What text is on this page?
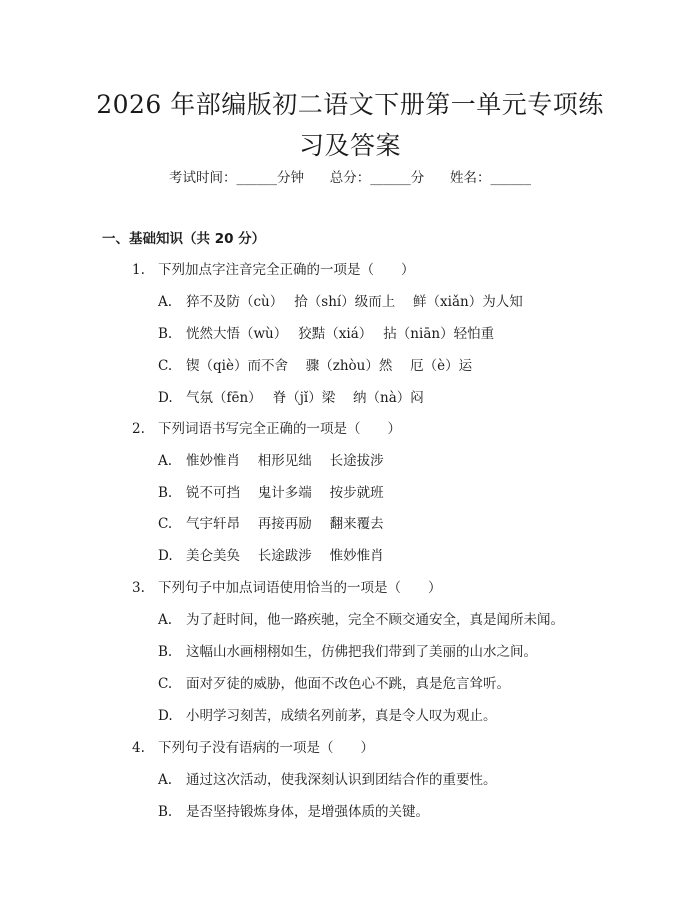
2026 年部编版初二语文下册第一单元专项练
习及答案
考试时间：______分钟      总分：______分      姓名：______
一、基础知识（共 20 分）
1. 下列加点字注音完全正确的一项是（　　）
A. 猝不及防（cù）　 拾（shí）级而上　 鲜（xiǎn）为人知
B. 恍然大悟（wù）　 狡黠（xiá）　 拈（niān）轻怕重
C. 锲（qiè）而不舍　 骤（zhòu）然　 厄（è）运
D. 气氛（fēn）　 脊（jǐ）梁　 纳（nà）闷
2. 下列词语书写完全正确的一项是（　　）
A. 惟妙惟肖　 相形见绌　 长途拔涉
B. 锐不可挡　 鬼计多端　 按步就班
C. 气宇轩昂　 再接再励　 翻来覆去
D. 美仑美奂　 长途跋涉　 惟妙惟肖
3. 下列句子中加点词语使用恰当的一项是（　　）
A. 为了赶时间，他一路疾驰，完全不顾交通安全，真是闻所未闻。
B. 这幅山水画栩栩如生，仿佛把我们带到了美丽的山水之间。
C. 面对歹徒的威胁，他面不改色心不跳，真是危言耸听。
D. 小明学习刻苦，成绩名列前茅，真是令人叹为观止。
4. 下列句子没有语病的一项是（　　）
A. 通过这次活动，使我深刻认识到团结合作的重要性。
B. 是否坚持锻炼身体，是增强体质的关键。
